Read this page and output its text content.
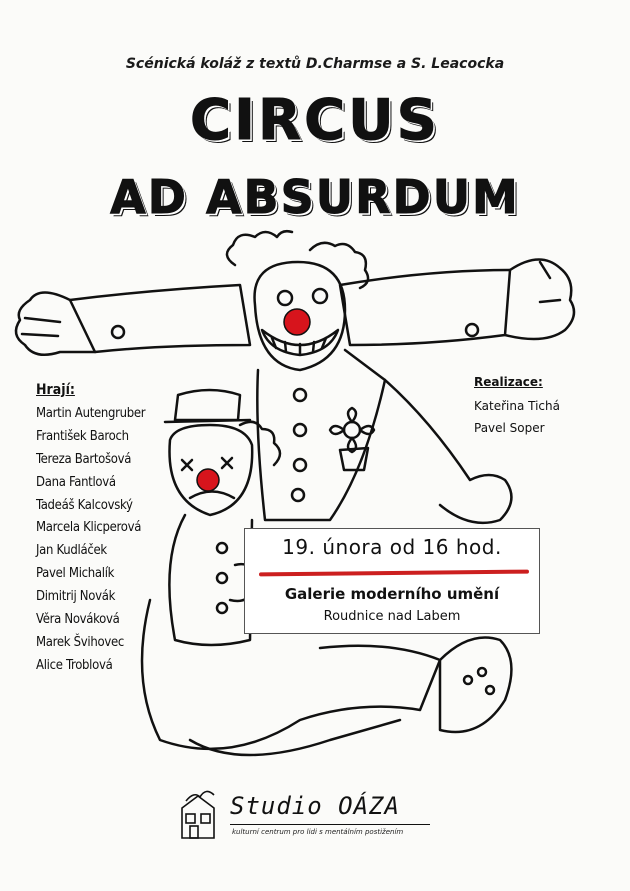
Scénická koláž z textů D.Charmse a S. Leacocka
CIRCUS
AD ABSURDUM
Hrají:
Martin Autengruber
František Baroch
Tereza Bartošová
Dana Fantlová
Tadeáš Kalcovský
Marcela Klicperová
Jan Kudláček
Pavel Michalík
Dimitrij Novák
Věra Nováková
Marek Švihovec
Alice Troblová
Realizace:
Kateřina Tichá
Pavel Soper
19. února od 16 hod.
Galerie moderního umění
Roudnice nad Labem
Studio OÁZA
kulturní centrum pro lidi s mentálním postižením
